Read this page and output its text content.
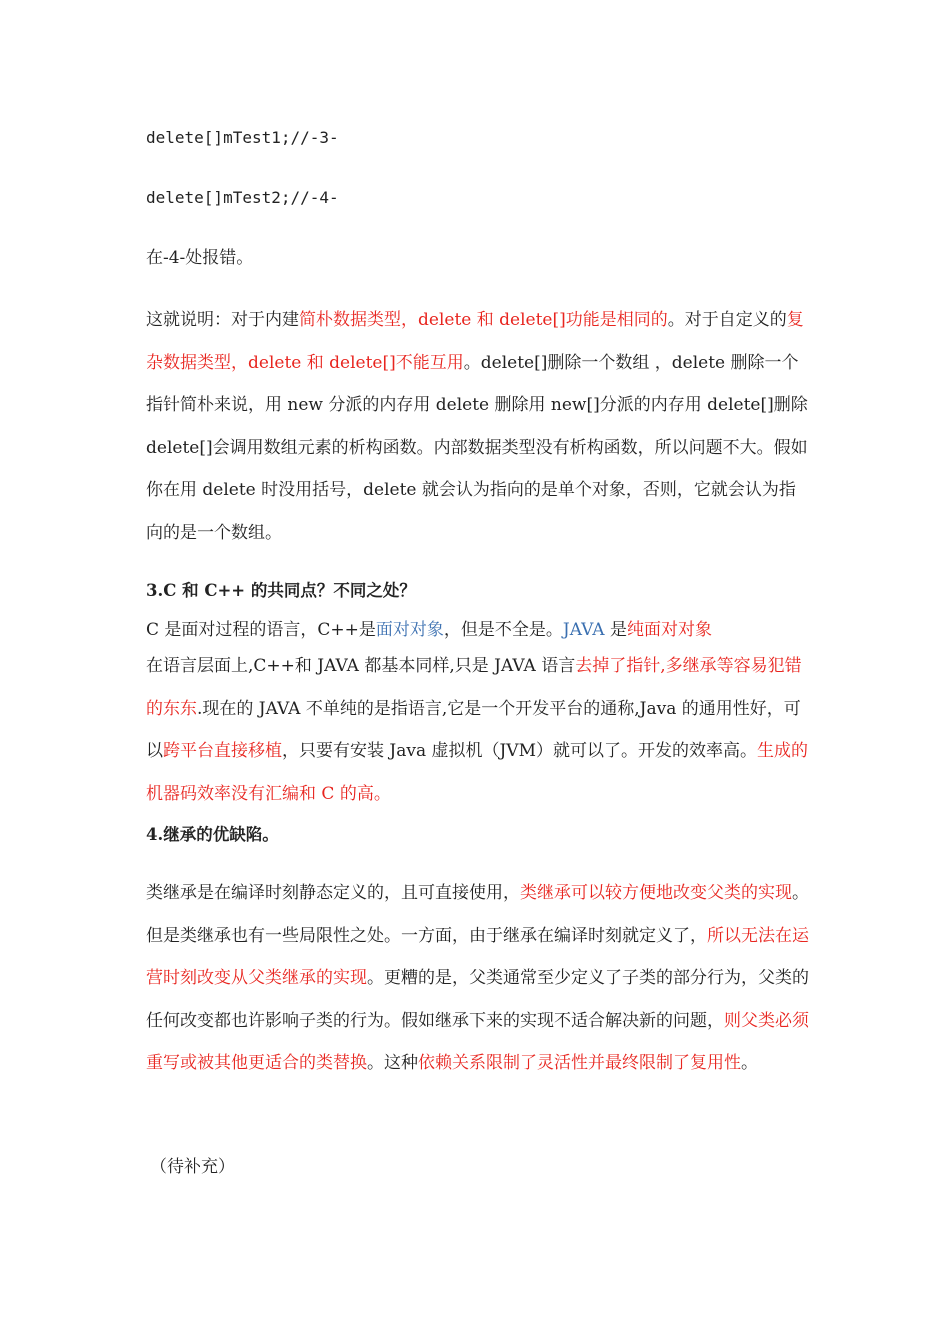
delete[]mTest1;//-3-
delete[]mTest2;//-4-
在-4-处报错。
这就说明：对于内建简朴数据类型，delete 和 delete[]功能是相同的。对于自定义的复杂数据类型，delete 和 delete[]不能互用。delete[]删除一个数组 ，delete 删除一个指针简朴来说，用 new 分派的内存用 delete 删除用 new[]分派的内存用 delete[]删除 delete[]会调用数组元素的析构函数。内部数据类型没有析构函数，所以问题不大。假如你在用 delete 时没用括号，delete 就会认为指向的是单个对象，否则，它就会认为指向的是一个数组。
3.C 和 C++ 的共同点？不同之处？
C 是面对过程的语言，C++是面对对象，但是不全是。JAVA 是纯面对对象
在语言层面上,C++和 JAVA 都基本同样,只是 JAVA 语言去掉了指针,多继承等容易犯错的东东.现在的 JAVA 不单纯的是指语言,它是一个开发平台的通称,Java 的通用性好，可以跨平台直接移植，只要有安装 Java 虚拟机（JVM）就可以了。开发的效率高。生成的机器码效率没有汇编和 C 的高。
4.继承的优缺陷。
类继承是在编译时刻静态定义的，且可直接使用，类继承可以较方便地改变父类的实现。但是类继承也有一些局限性之处。一方面，由于继承在编译时刻就定义了，所以无法在运营时刻改变从父类继承的实现。更糟的是，父类通常至少定义了子类的部分行为，父类的任何改变都也许影响子类的行为。假如继承下来的实现不适合解决新的问题，则父类必须重写或被其他更适合的类替换。这种依赖关系限制了灵活性并最终限制了复用性。
（待补充）
